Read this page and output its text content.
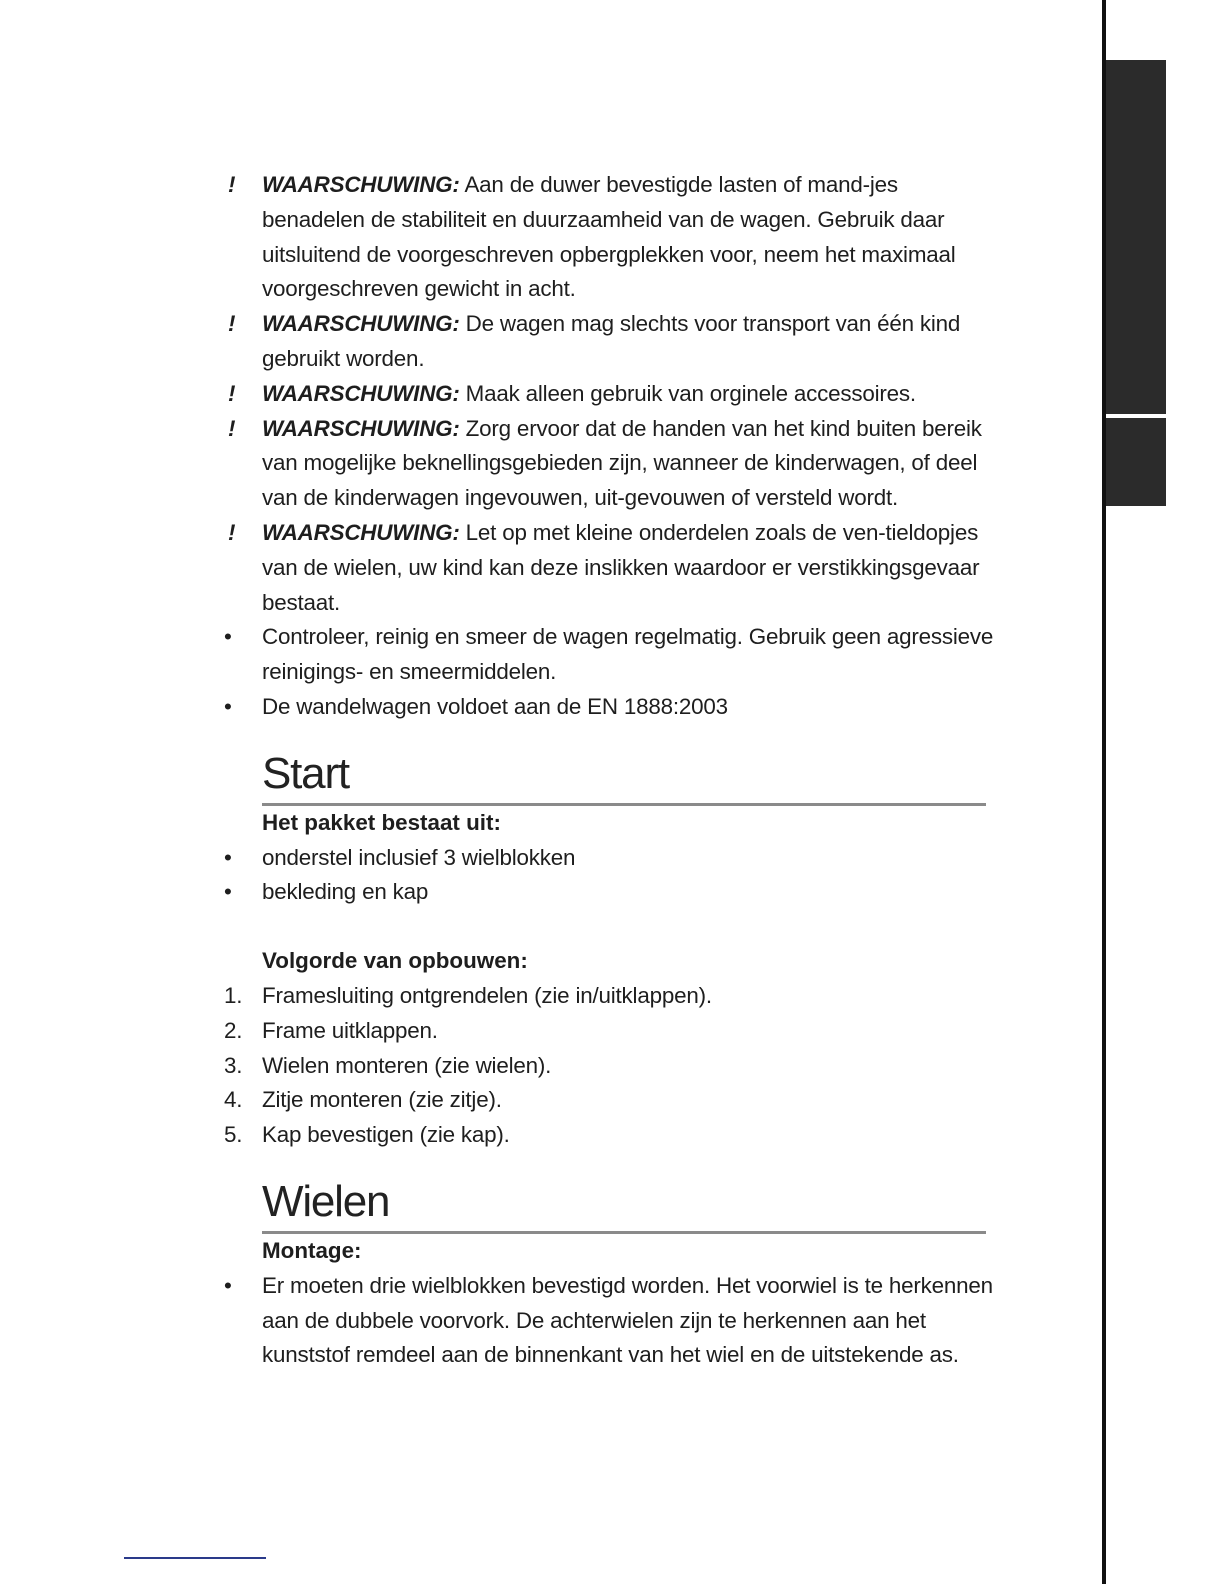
!	WAARSCHUWING: Aan de duwer bevestigde lasten of mand-jes benadelen de stabiliteit en duurzaamheid van de wagen. Gebruik daar uitsluitend de voorgeschreven opbergplekken voor, neem het maximaal voorgeschreven gewicht in acht.
!	WAARSCHUWING: De wagen mag slechts voor transport van één kind gebruikt worden.
!	WAARSCHUWING: Maak alleen gebruik van orginele accessoires.
!	WAARSCHUWING: Zorg ervoor dat de handen van het kind buiten bereik van mogelijke beknellingsgebieden zijn, wanneer de kinderwagen, of deel van de kinderwagen ingevouwen, uit-gevouwen of versteld wordt.
!	WAARSCHUWING: Let op met kleine onderdelen zoals de ven-tieldopjes van de wielen, uw kind kan deze inslikken waardoor er verstikkingsgevaar bestaat.
•	Controleer, reinig en smeer de wagen regelmatig. Gebruik geen agressieve reinigings- en smeermiddelen.
•	De wandelwagen voldoet aan de EN 1888:2003
Start
Het pakket bestaat uit:
•	onderstel inclusief 3 wielblokken
•	bekleding en kap
Volgorde van opbouwen:
1. Framesluiting ontgrendelen (zie in/uitklappen).
2. Frame uitklappen.
3. Wielen monteren (zie wielen).
4. Zitje monteren (zie zitje).
5. Kap bevestigen (zie kap).
Wielen
Montage:
•	Er moeten drie wielblokken bevestigd worden. Het voorwiel is te herkennen aan de dubbele voorvork. De achterwielen zijn te herkennen aan het kunststof remdeel aan de binnenkant van het wiel en de uitstekende as.
